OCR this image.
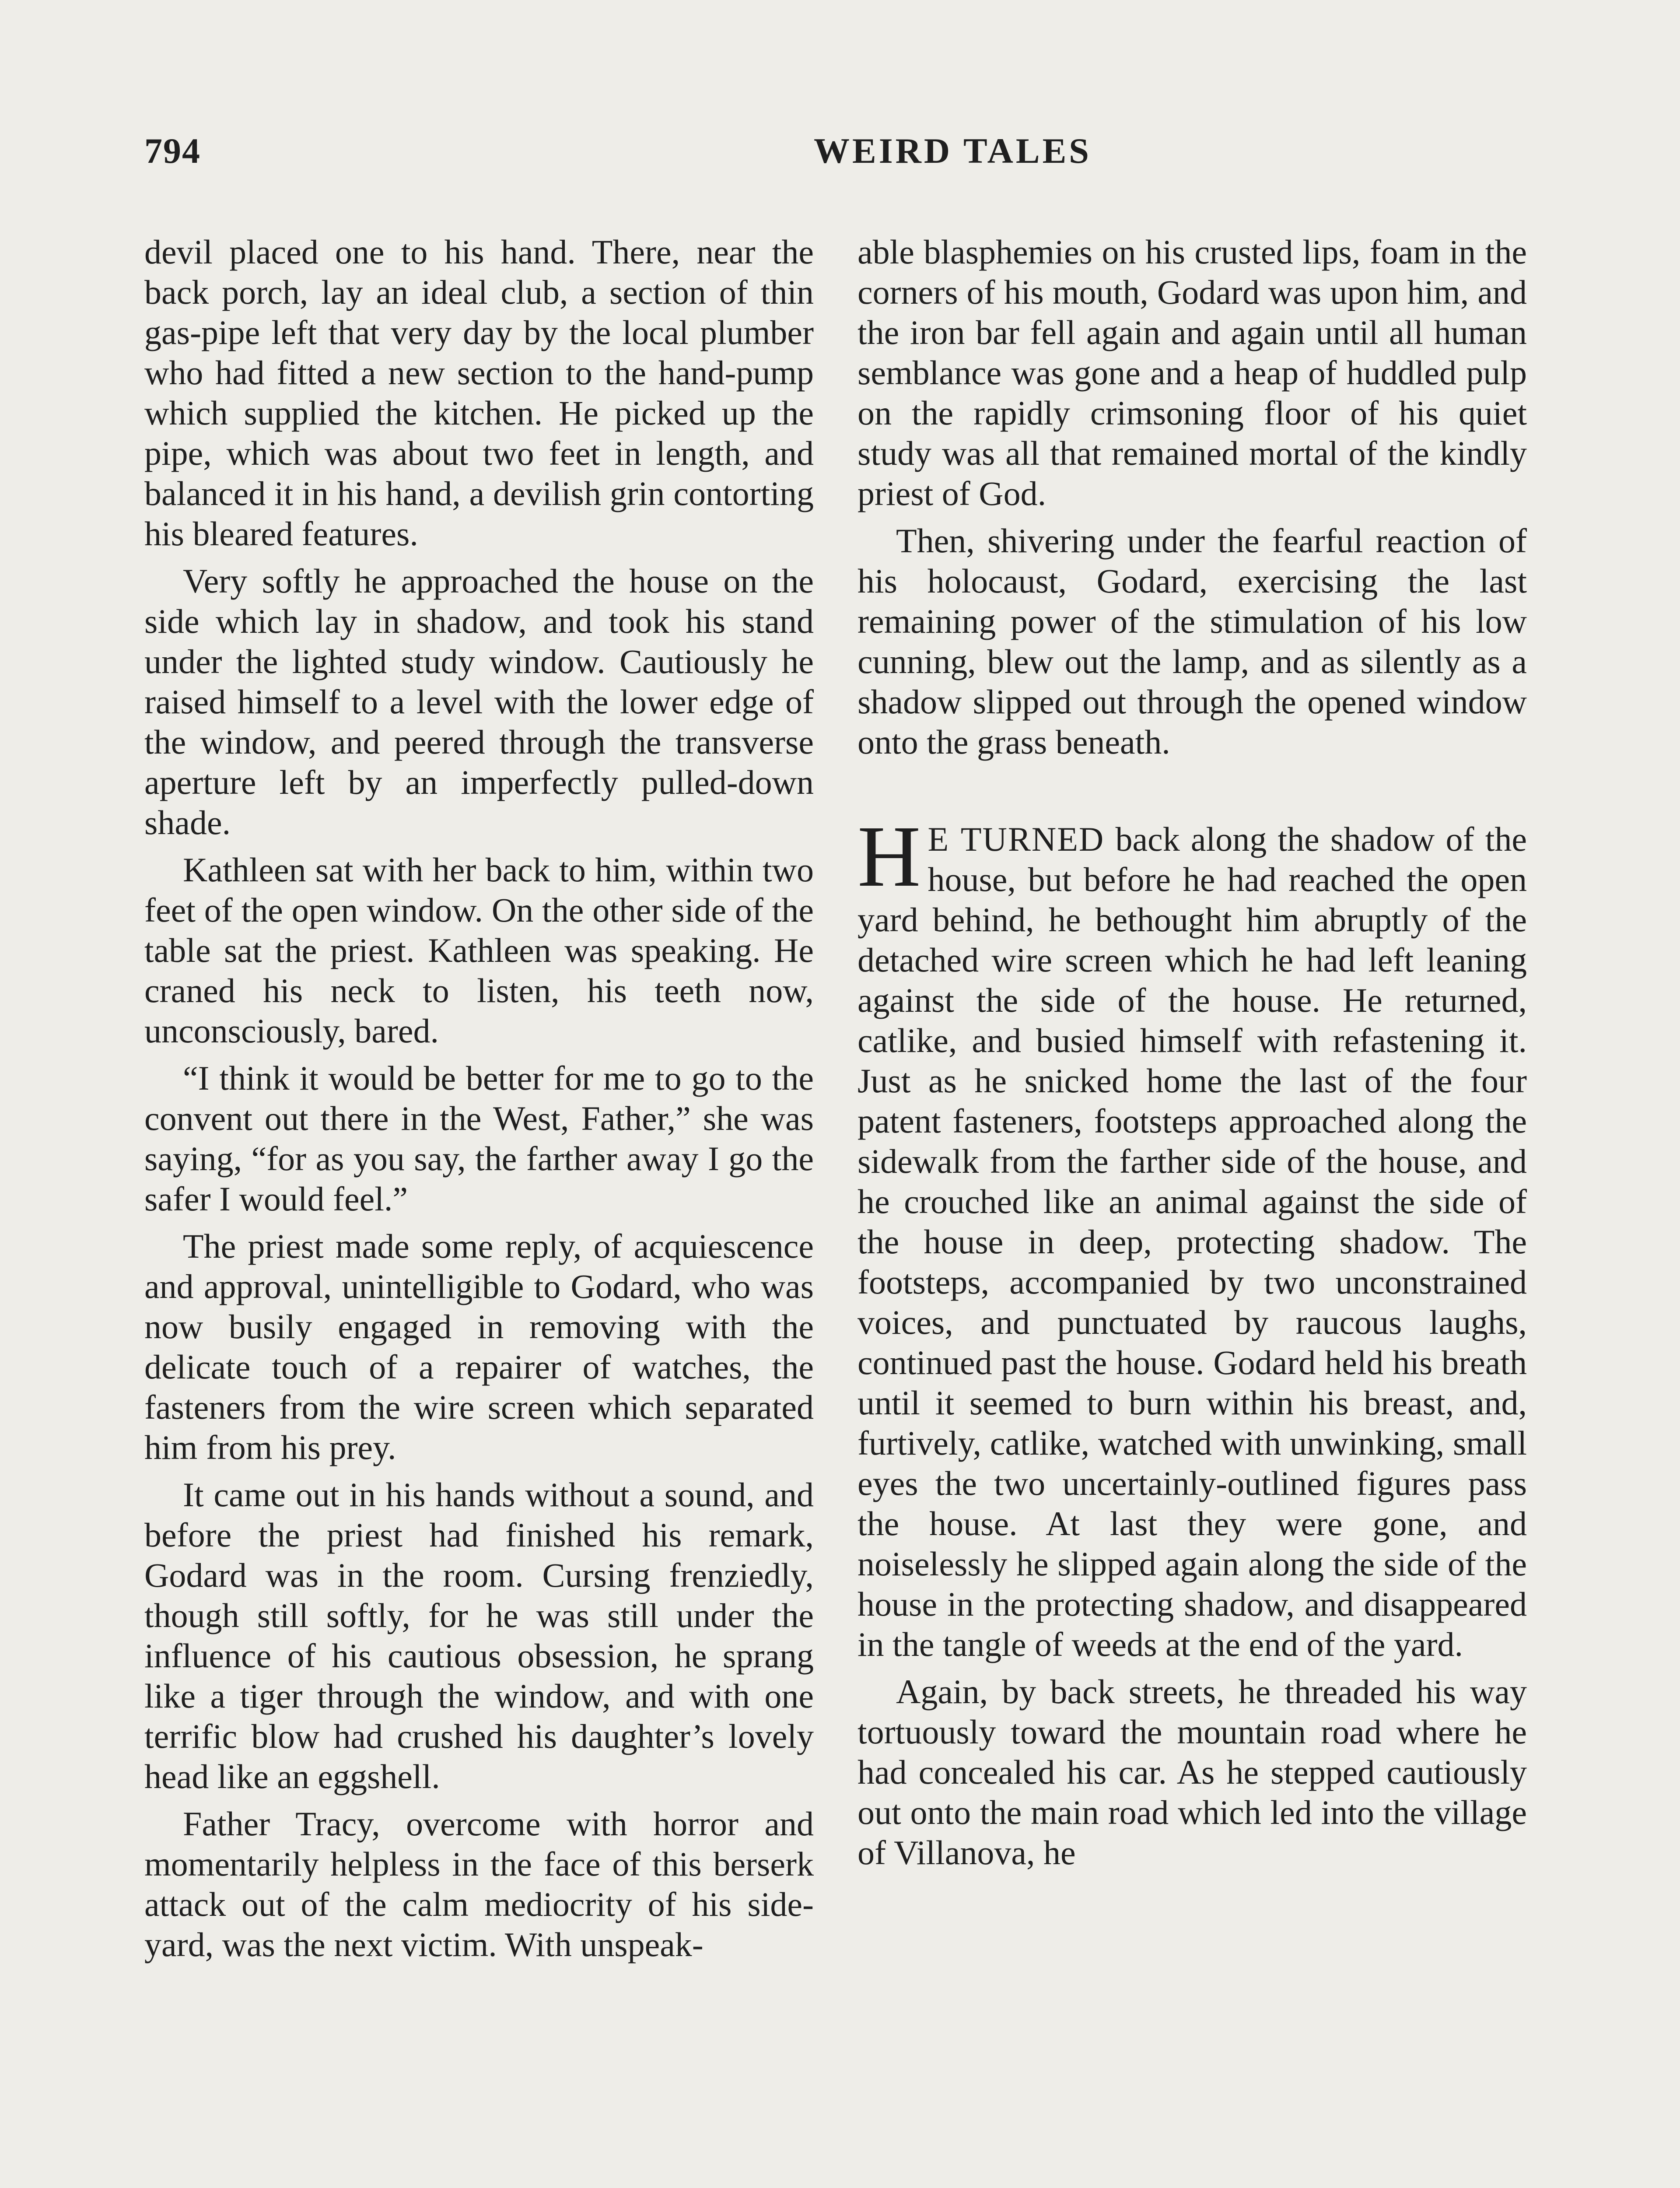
794	WEIRD TALES

devil placed one to his hand. There, near the back porch, lay an ideal club, a section of thin gas-pipe left that very day by the local plumber who had fitted a new section to the hand-pump which supplied the kitchen. He picked up the pipe, which was about two feet in length, and balanced it in his hand, a devilish grin contorting his bleared features.

Very softly he approached the house on the side which lay in shadow, and took his stand under the lighted study window. Cautiously he raised himself to a level with the lower edge of the window, and peered through the transverse aperture left by an imperfectly pulled-down shade.

Kathleen sat with her back to him, within two feet of the open window. On the other side of the table sat the priest. Kathleen was speaking. He craned his neck to listen, his teeth now, unconsciously, bared.

“I think it would be better for me to go to the convent out there in the West, Father,” she was saying, “for as you say, the farther away I go the safer I would feel.”

The priest made some reply, of acquiescence and approval, unintelligible to Godard, who was now busily engaged in removing with the delicate touch of a repairer of watches, the fasteners from the wire screen which separated him from his prey.

It came out in his hands without a sound, and before the priest had finished his remark, Godard was in the room. Cursing frenziedly, though still softly, for he was still under the influence of his cautious obsession, he sprang like a tiger through the window, and with one terrific blow had crushed his daughter’s lovely head like an eggshell.

Father Tracy, overcome with horror and momentarily helpless in the face of this berserk attack out of the calm mediocrity of his side-yard, was the next victim. With unspeak-

able blasphemies on his crusted lips, foam in the corners of his mouth, Godard was upon him, and the iron bar fell again and again until all human semblance was gone and a heap of huddled pulp on the rapidly crimsoning floor of his quiet study was all that remained mortal of the kindly priest of God.

Then, shivering under the fearful reaction of his holocaust, Godard, exercising the last remaining power of the stimulation of his low cunning, blew out the lamp, and as silently as a shadow slipped out through the opened window onto the grass beneath.

H E TURNED back along the shadow of the house, but before he had reached the open yard behind, he bethought him abruptly of the detached wire screen which he had left leaning against the side of the house. He returned, catlike, and busied himself with refastening it. Just as he snicked home the last of the four patent fasteners, footsteps approached along the sidewalk from the farther side of the house, and he crouched like an animal against the side of the house in deep, protecting shadow. The footsteps, accompanied by two unconstrained voices, and punctuated by raucous laughs, continued past the house. Godard held his breath until it seemed to burn within his breast, and, furtively, catlike, watched with unwinking, small eyes the two uncertainly-outlined figures pass the house. At last they were gone, and noiselessly he slipped again along the side of the house in the protecting shadow, and disappeared in the tangle of weeds at the end of the yard.

Again, by back streets, he threaded his way tortuously toward the mountain road where he had concealed his car. As he stepped cautiously out onto the main road which led into the village of Villanova, he
